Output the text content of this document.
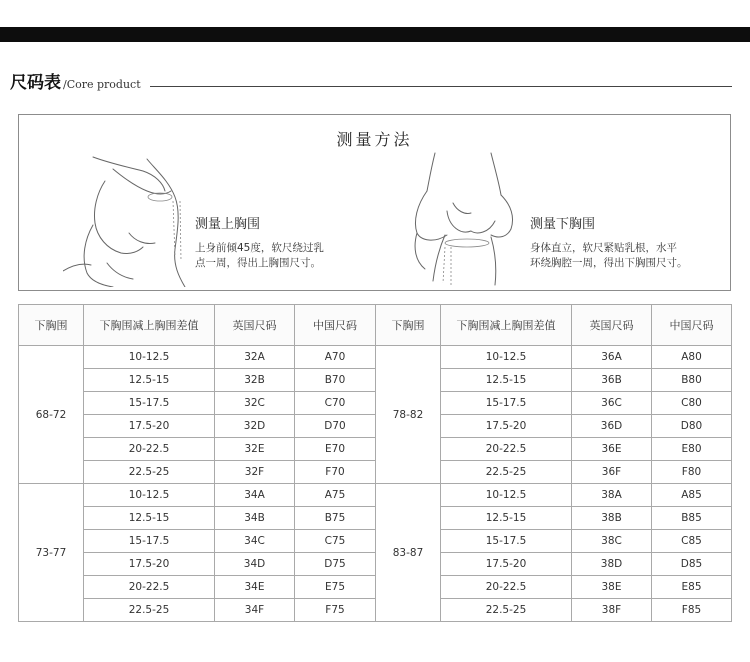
尺码表 /Core product
测量方法
测量上胸围
上身前倾45度，软尺绕过乳
点一周，得出上胸围尺寸。
测量下胸围
身体直立，软尺紧贴乳根，水平
环绕胸腔一周，得出下胸围尺寸。
下胸围	下胸围减上胸围差值	英国尺码	中国尺码	下胸围	下胸围减上胸围差值	英国尺码	中国尺码
68-72	10-12.5	32A	A70	78-82	10-12.5	36A	A80
	12.5-15	32B	B70		12.5-15	36B	B80
	15-17.5	32C	C70		15-17.5	36C	C80
	17.5-20	32D	D70		17.5-20	36D	D80
	20-22.5	32E	E70		20-22.5	36E	E80
	22.5-25	32F	F70		22.5-25	36F	F80
73-77	10-12.5	34A	A75	83-87	10-12.5	38A	A85
	12.5-15	34B	B75		12.5-15	38B	B85
	15-17.5	34C	C75		15-17.5	38C	C85
	17.5-20	34D	D75		17.5-20	38D	D85
	20-22.5	34E	E75		20-22.5	38E	E85
	22.5-25	34F	F75		22.5-25	38F	F85
